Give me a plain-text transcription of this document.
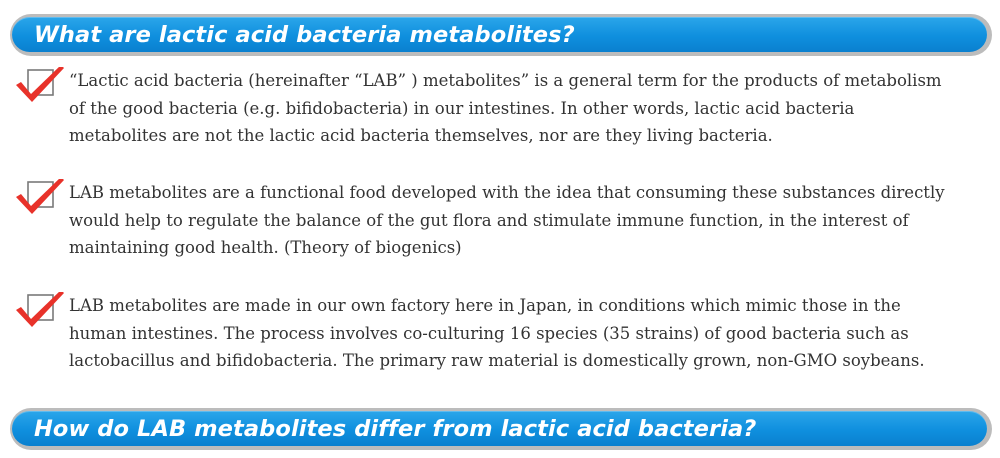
What are lactic acid bacteria metabolites?
“Lactic acid bacteria (hereinafter “LAB” ) metabolites” is a general term for the products of metabolism
of the good bacteria (e.g. bifidobacteria) in our intestines. In other words, lactic acid bacteria
metabolites are not the lactic acid bacteria themselves, nor are they living bacteria.
LAB metabolites are a functional food developed with the idea that consuming these substances directly
would help to regulate the balance of the gut flora and stimulate immune function, in the interest of
maintaining good health. (Theory of biogenics)
LAB metabolites are made in our own factory here in Japan, in conditions which mimic those in the
human intestines. The process involves co-culturing 16 species (35 strains) of good bacteria such as
lactobacillus and bifidobacteria. The primary raw material is domestically grown, non-GMO soybeans.
How do LAB metabolites differ from lactic acid bacteria?
